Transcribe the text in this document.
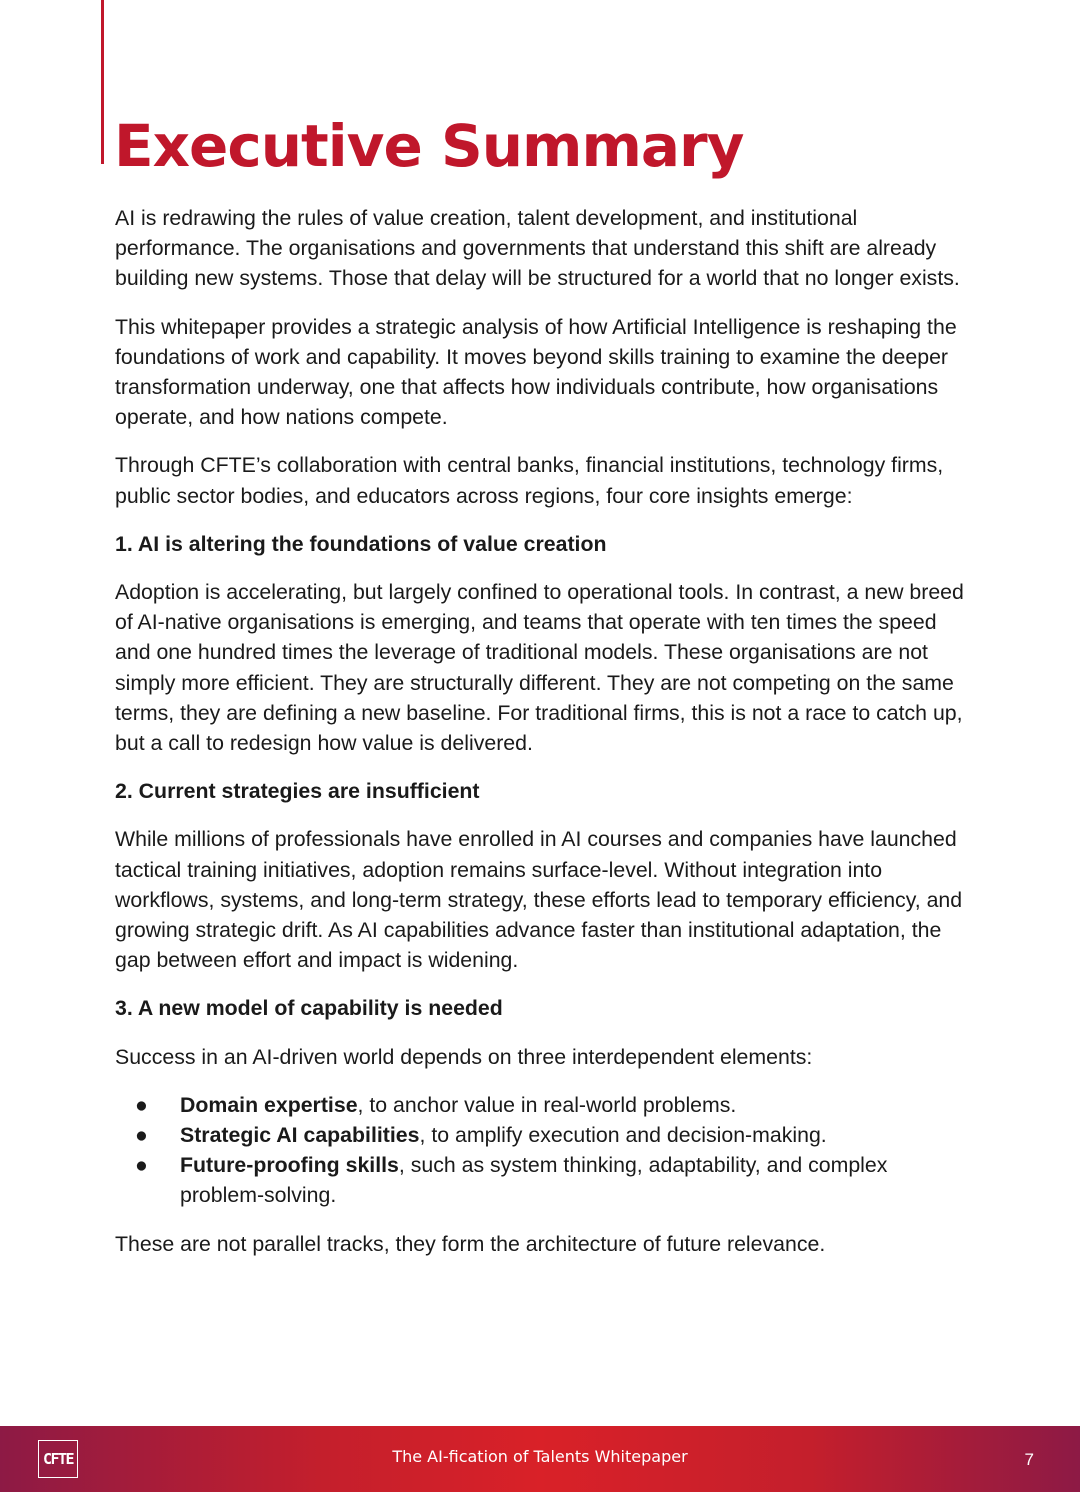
Executive Summary

AI is redrawing the rules of value creation, talent development, and institutional performance. The organisations and governments that understand this shift are already building new systems. Those that delay will be structured for a world that no longer exists.

This whitepaper provides a strategic analysis of how Artificial Intelligence is reshaping the foundations of work and capability. It moves beyond skills training to examine the deeper transformation underway, one that affects how individuals contribute, how organisations operate, and how nations compete.

Through CFTE’s collaboration with central banks, financial institutions, technology firms, public sector bodies, and educators across regions, four core insights emerge:

1. AI is altering the foundations of value creation

Adoption is accelerating, but largely confined to operational tools. In contrast, a new breed of AI-native organisations is emerging, and teams that operate with ten times the speed and one hundred times the leverage of traditional models. These organisations are not simply more efficient. They are structurally different. They are not competing on the same terms, they are defining a new baseline. For traditional firms, this is not a race to catch up, but a call to redesign how value is delivered.

2. Current strategies are insufficient

While millions of professionals have enrolled in AI courses and companies have launched tactical training initiatives, adoption remains surface-level. Without integration into workflows, systems, and long-term strategy, these efforts lead to temporary efficiency, and growing strategic drift. As AI capabilities advance faster than institutional adaptation, the gap between effort and impact is widening.

3. A new model of capability is needed

Success in an AI-driven world depends on three interdependent elements:

● Domain expertise, to anchor value in real-world problems.
● Strategic AI capabilities, to amplify execution and decision-making.
● Future-proofing skills, such as system thinking, adaptability, and complex problem-solving.

These are not parallel tracks, they form the architecture of future relevance.

CFTE	The AI-fication of Talents Whitepaper	7
